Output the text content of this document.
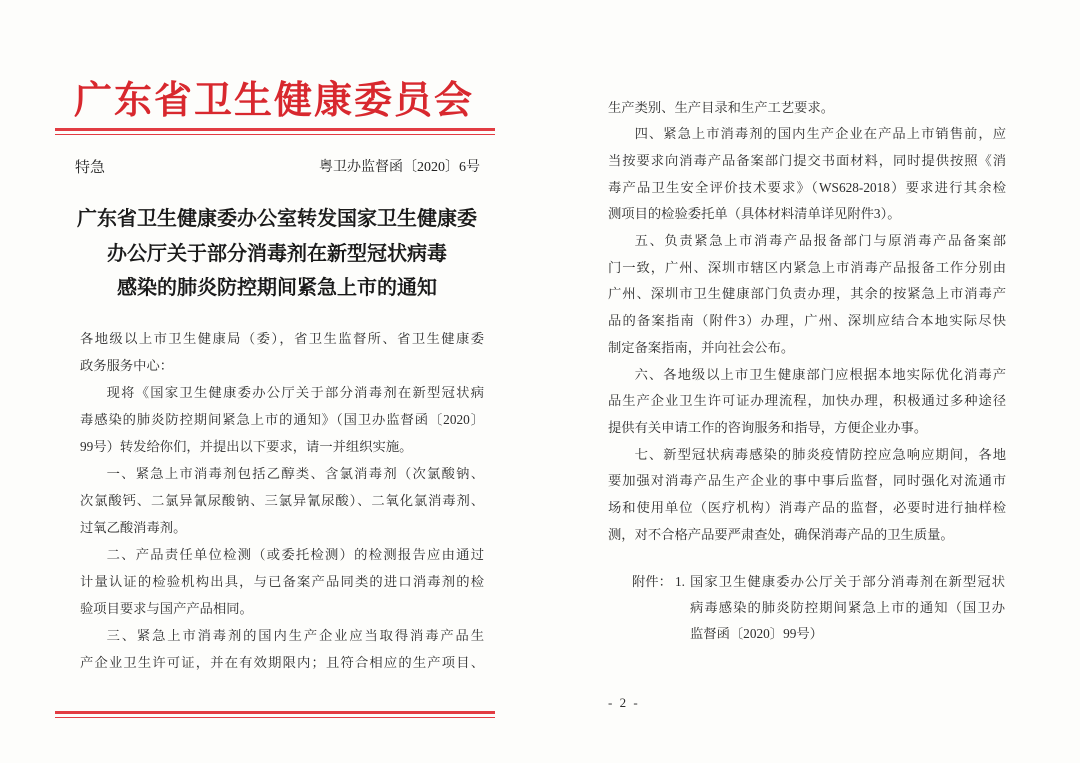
广东省卫生健康委员会
特急	粤卫办监督函〔2020〕6号
广东省卫生健康委办公室转发国家卫生健康委
办公厅关于部分消毒剂在新型冠状病毒
感染的肺炎防控期间紧急上市的通知
各地级以上市卫生健康局（委），省卫生监督所、省卫生健康委
政务服务中心：
现将《国家卫生健康委办公厅关于部分消毒剂在新型冠状病
毒感染的肺炎防控期间紧急上市的通知》（国卫办监督函〔2020〕
99号）转发给你们，并提出以下要求，请一并组织实施。
一、紧急上市消毒剂包括乙醇类、含氯消毒剂（次氯酸钠、
次氯酸钙、二氯异氰尿酸钠、三氯异氰尿酸）、二氧化氯消毒剂、
过氧乙酸消毒剂。
二、产品责任单位检测（或委托检测）的检测报告应由通过
计量认证的检验机构出具，与已备案产品同类的进口消毒剂的检
验项目要求与国产产品相同。
三、紧急上市消毒剂的国内生产企业应当取得消毒产品生
产企业卫生许可证，并在有效期限内；且符合相应的生产项目、
生产类别、生产目录和生产工艺要求。
四、紧急上市消毒剂的国内生产企业在产品上市销售前，应
当按要求向消毒产品备案部门提交书面材料，同时提供按照《消
毒产品卫生安全评价技术要求》（WS628-2018）要求进行其余检
测项目的检验委托单（具体材料清单详见附件3）。
五、负责紧急上市消毒产品报备部门与原消毒产品备案部
门一致，广州、深圳市辖区内紧急上市消毒产品报备工作分别由
广州、深圳市卫生健康部门负责办理，其余的按紧急上市消毒产
品的备案指南（附件3）办理，广州、深圳应结合本地实际尽快
制定备案指南，并向社会公布。
六、各地级以上市卫生健康部门应根据本地实际优化消毒产
品生产企业卫生许可证办理流程，加快办理，积极通过多种途径
提供有关申请工作的咨询服务和指导，方便企业办事。
七、新型冠状病毒感染的肺炎疫情防控应急响应期间，各地
要加强对消毒产品生产企业的事中事后监督，同时强化对流通市
场和使用单位（医疗机构）消毒产品的监督，必要时进行抽样检
测，对不合格产品要严肃查处，确保消毒产品的卫生质量。
附件： 1. 国家卫生健康委办公厅关于部分消毒剂在新型冠状
病毒感染的肺炎防控期间紧急上市的通知（国卫办
监督函〔2020〕99号）
- 2 -
